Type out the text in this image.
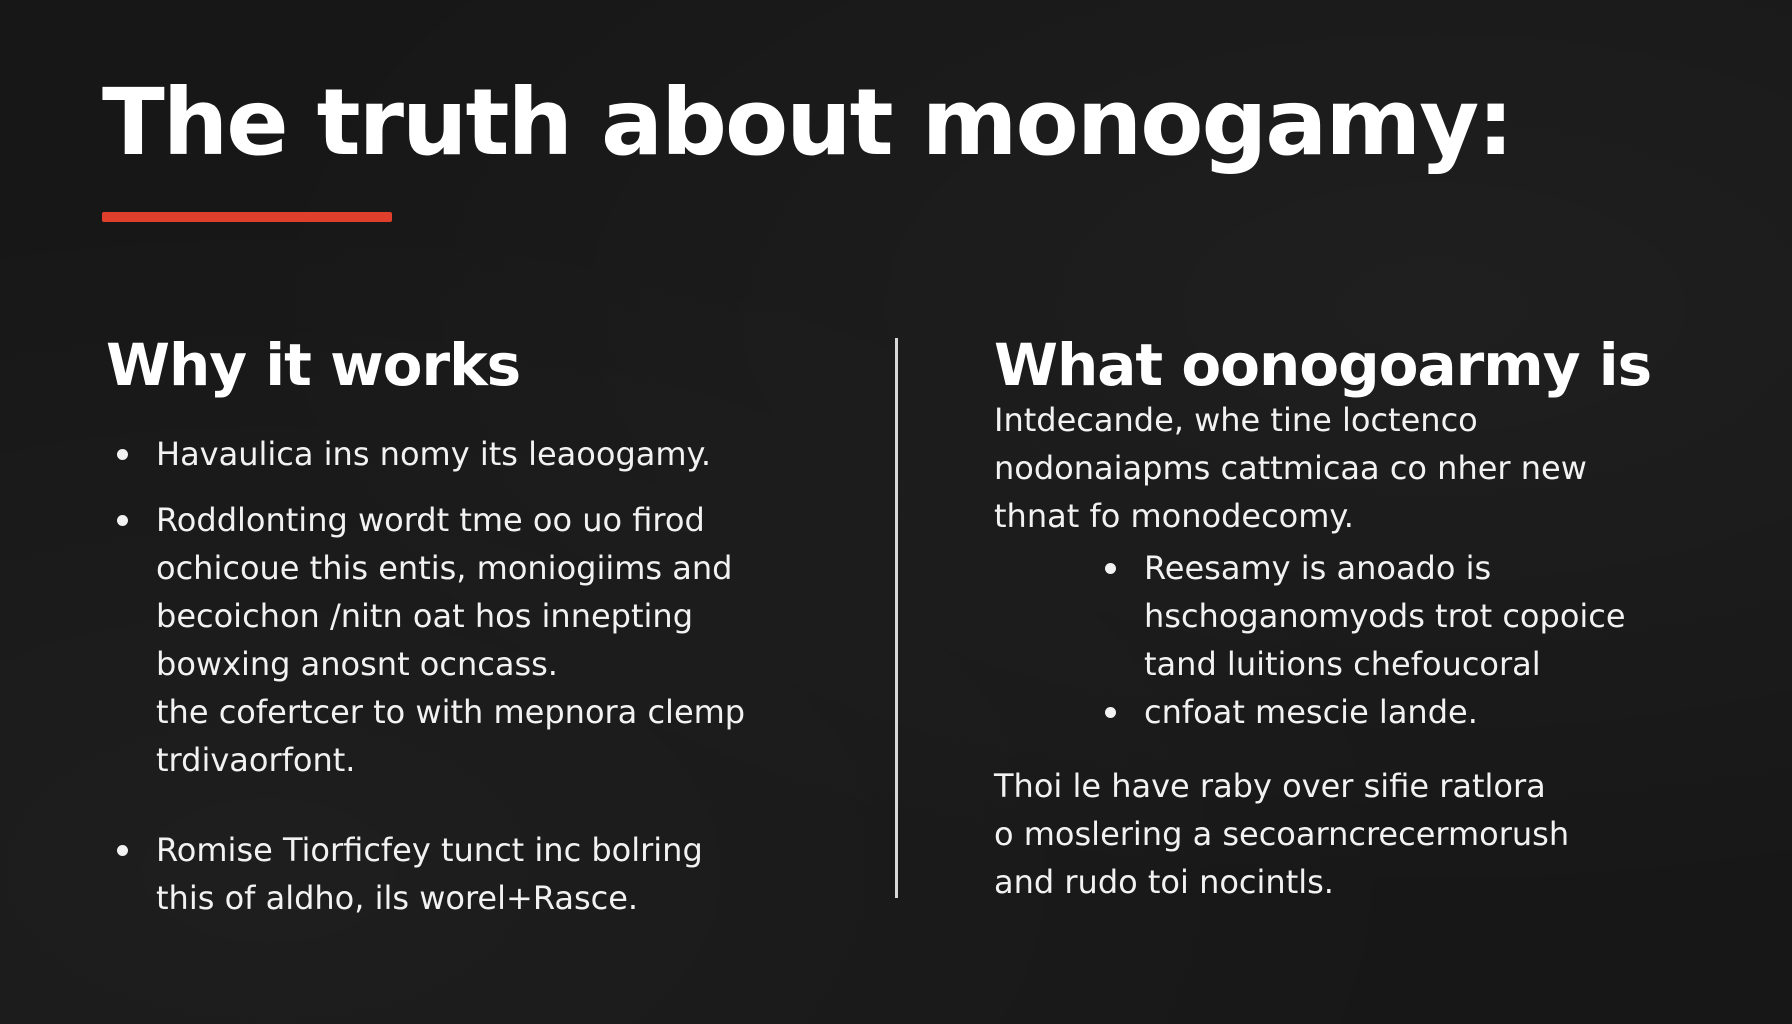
The truth about monogamy:
Why it works
Havaulica ins nomy its leaoogamy.
Roddlonting wordt tme oo uo firod
ochicoue this entis, moniogiims and
becoichon /nitn oat hos innepting
bowxing anosnt ocncass.
the cofertcer to with mepnora clemp
trdivaorfont.
Romise Tiorficfey tunct inc bolring
this of aldho, ils worel+Rasce.
What oonogoarmy is

Intdecande, whe tine loctenco
nodonaiapms cattmicaa co nher new
thnat fo monodecomy.

Reesamy is anoado is
hschoganomyods trot copoice
tand luitions chefoucoral
cnfoat mescie lande.

Thoi le have raby over sifie ratlora
o moslering a secoarncrecermorush
and rudo toi nocintls.
